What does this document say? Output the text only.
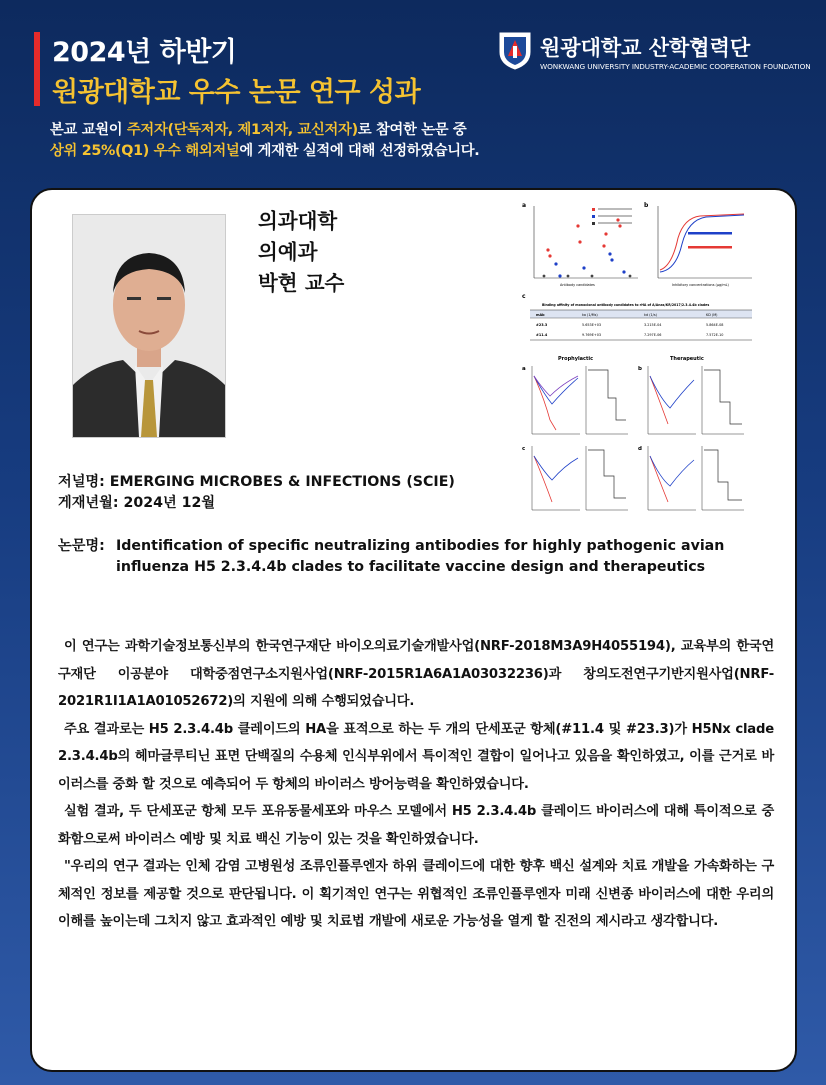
2024년 하반기
원광대학교 우수 논문 연구 성과
원광대학교 산학협력단
WONKWANG UNIVERSITY INDUSTRY-ACADEMIC COOPERATION FOUNDATION
본교 교원이 주저자(단독저자, 제1저자, 교신저자)로 참여한 논문 중
상위 25%(Q1) 우수 해외저널에 게재한 실적에 대해 선정하였습니다.
의과대학
의예과
박현 교수
a
Antibody candidates
b
Inhibitory concentrations (μg/mL)
c
Binding affinity of monoclonal antibody candidates to rHA of A/Anas/KR/2017/2.3.4.4b clades
mAb	ka (1/Ms)	kd (1/s)	KD (M)
#23.3	5.653E+03	3.215E-04	5.864E-08
#11.4	9.769E+03	7.297E-06	7.572E-10
Prophylactic	Therapeutic
a	b
c	d
저널명: EMERGING MICROBES & INFECTIONS (SCIE)
게재년월: 2024년 12월
논문명: Identification of specific neutralizing antibodies for highly pathogenic avian influenza H5 2.3.4.4b clades to facilitate vaccine design and therapeutics

이 연구는 과학기술정보통신부의 한국연구재단 바이오의료기술개발사업(NRF-2018M3A9H4055194), 교육부의 한국연구재단 이공분야 대학중점연구소지원사업(NRF-2015R1A6A1A03032236)과 창의도전연구기반지원사업(NRF-2021R1I1A1A01052672)의 지원에 의해 수행되었습니다.

주요 결과로는 H5 2.3.4.4b 클레이드의 HA을 표적으로 하는 두 개의 단세포군 항체(#11.4 및 #23.3)가 H5Nx clade 2.3.4.4b의 헤마글루티닌 표면 단백질의 수용체 인식부위에서 특이적인 결합이 일어나고 있음을 확인하였고, 이를 근거로 바이러스를 중화 할 것으로 예측되어 두 항체의 바이러스 방어능력을 확인하였습니다.

실험 결과, 두 단세포군 항체 모두 포유동물세포와 마우스 모델에서 H5 2.3.4.4b 클레이드 바이러스에 대해 특이적으로 중화함으로써 바이러스 예방 및 치료 백신 기능이 있는 것을 확인하였습니다.

"우리의 연구 결과는 인체 감염 고병원성 조류인플루엔자 하위 클레이드에 대한 향후 백신 설계와 치료 개발을 가속화하는 구체적인 정보를 제공할 것으로 판단됩니다. 이 획기적인 연구는 위협적인 조류인플루엔자 미래 신변종 바이러스에 대한 우리의 이해를 높이는데 그치지 않고 효과적인 예방 및 치료법 개발에 새로운 가능성을 열게 할 진전의 제시라고 생각합니다.
